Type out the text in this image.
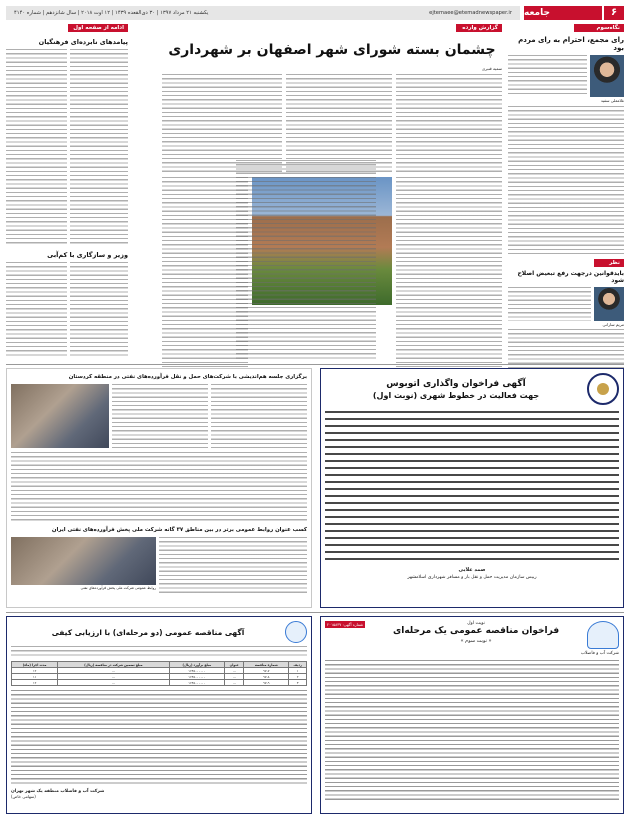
جامعه	۶
ejtemaee@etemadnewspaper.ir
یکشنبه ۲۱ مرداد ۱۳۹۷ | ۳۰ ذی‌القعده ۱۴۳۹ | ۱۲ اوت ۲۰۱۸ | سال شانزدهم | شماره ۴۱۴۰
نگاه‌سوم
رای مجمع، احترام به رای مردم بود
غلامعلی سفید
نظر
بایدقوانین درجهت رفع تبعیض اصلاح شود
مریم سارانی
گزارش وارده
چشمان بسته شورای شهر اصفهان بر شهرداری
سمیه قنبری
ادامه از صفحه اول
پیامدهای نابرده‌ای فرهنگیان
وزیر و سازگاری با کم‌آبی
آگهی فراخوان واگذاری اتوبوس
جهت فعالیت در خطوط شهری (نوبت اول)
صمد علایی
رییس سازمان مدیریت حمل و نقل بار و مسافر شهرداری اسلامشهر
برگزاری جلسه هم‌اندیشی با شرکت‌های حمل و نقل فرآورده‌های نفتی در منطقه کردستان
کسب عنوان روابط عمومی برتر در بین مناطق ۳۷ گانه شرکت ملی پخش فرآورده‌های نفتی ایران
روابط عمومی شرکت ملی پخش فرآورده‌های نفتی
نوبت اول
فراخوان مناقصه عمومی یک مرحله‌ای
« نوبت سوم »
شماره آگهی: ۲۰۱۵۸۳۷
شرکت آب و فاضلاب
آگهی مناقصه عمومی (دو مرحله‌ای) با ارزیابی کیفی
ردیف	شماره مناقصه	عنوان	مبلغ برآورد (ریال)	مبلغ تضمین شرکت در مناقصه (ریال)	مدت اجرا (ماه)
۱	۹۷-۷	...	۱۶۴۵۰۰۰۰۰۰	...	۱۲
۲	۹۷-۸	...	۱۶۴۵۰۰۰۰۰۰	...	۱۱
۳	۹۷-۹	...	۱۶۴۵۰۰۰۰۰۰	...	۱۲
شرکت آب و فاضلاب منطقه یک شهر تهران
(سهامی خاص)
